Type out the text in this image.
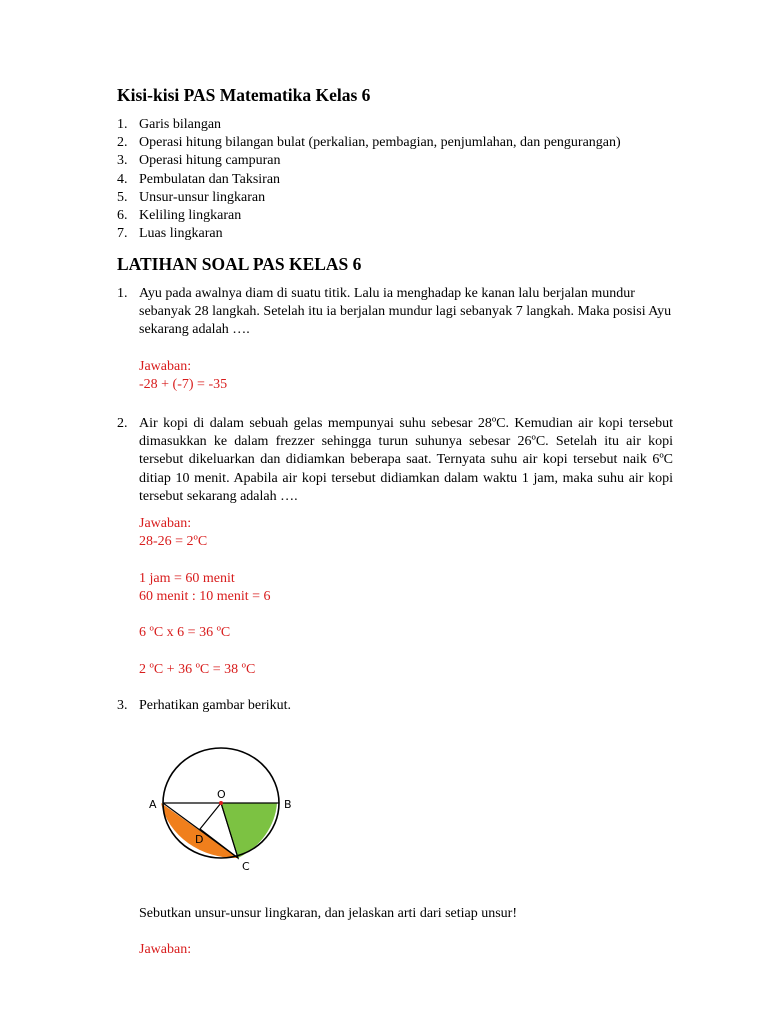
Kisi-kisi PAS Matematika Kelas 6
1. Garis bilangan
2. Operasi hitung bilangan bulat (perkalian, pembagian, penjumlahan, dan pengurangan)
3. Operasi hitung campuran
4. Pembulatan dan Taksiran
5. Unsur-unsur lingkaran
6. Keliling lingkaran
7. Luas lingkaran
LATIHAN SOAL PAS KELAS 6
1. Ayu pada awalnya diam di suatu titik. Lalu ia menghadap ke kanan lalu berjalan mundur sebanyak 28 langkah. Setelah itu ia berjalan mundur lagi sebanyak 7 langkah. Maka posisi Ayu sekarang adalah ….
Jawaban:
-28 + (-7) = -35
2. Air kopi di dalam sebuah gelas mempunyai suhu sebesar 28ºC. Kemudian air kopi tersebut dimasukkan ke dalam frezzer sehingga turun suhunya sebesar 26ºC. Setelah itu air kopi tersebut dikeluarkan dan didiamkan beberapa saat. Ternyata suhu air kopi tersebut naik 6ºC ditiap 10 menit. Apabila air kopi tersebut didiamkan dalam waktu 1 jam, maka suhu air kopi tersebut sekarang adalah ….
Jawaban:
28-26 = 2ºC
1 jam = 60 menit
60 menit : 10 menit = 6
6 ºC x 6 = 36 ºC
2 ºC + 36 ºC = 38 ºC
3. Perhatikan gambar berikut.
A
O
B
D
C
Sebutkan unsur-unsur lingkaran, dan jelaskan arti dari setiap unsur!
Jawaban:
